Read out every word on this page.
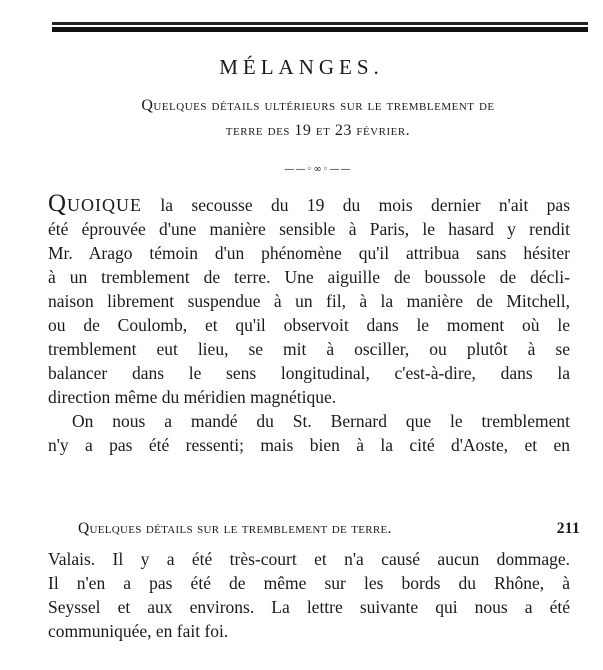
MÉLANGES.
Quelques détails ultérieurs sur le tremblement de
terre des 19 et 23 février.
——◦∞◦——
Quoique la secousse du 19 du mois dernier n'ait pas
été éprouvée d'une manière sensible à Paris, le hasard y rendit
Mr. Arago témoin d'un phénomène qu'il attribua sans hésiter
à un tremblement de terre. Une aiguille de boussole de décli-
naison librement suspendue à un fil, à la manière de Mitchell,
ou de Coulomb, et qu'il observoit dans le moment où le
tremblement eut lieu, se mit à osciller, ou plutôt à se
balancer dans le sens longitudinal, c'est-à-dire, dans la
direction même du méridien magnétique.
On nous a mandé du St. Bernard que le tremblement
n'y a pas été ressenti; mais bien à la cité d'Aoste, et en
Quelques détails sur le tremblement de terre.	211
Valais. Il y a été très-court et n'a causé aucun dommage.
Il n'en a pas été de même sur les bords du Rhône, à
Seyssel et aux environs. La lettre suivante qui nous a été
communiquée, en fait foi.
